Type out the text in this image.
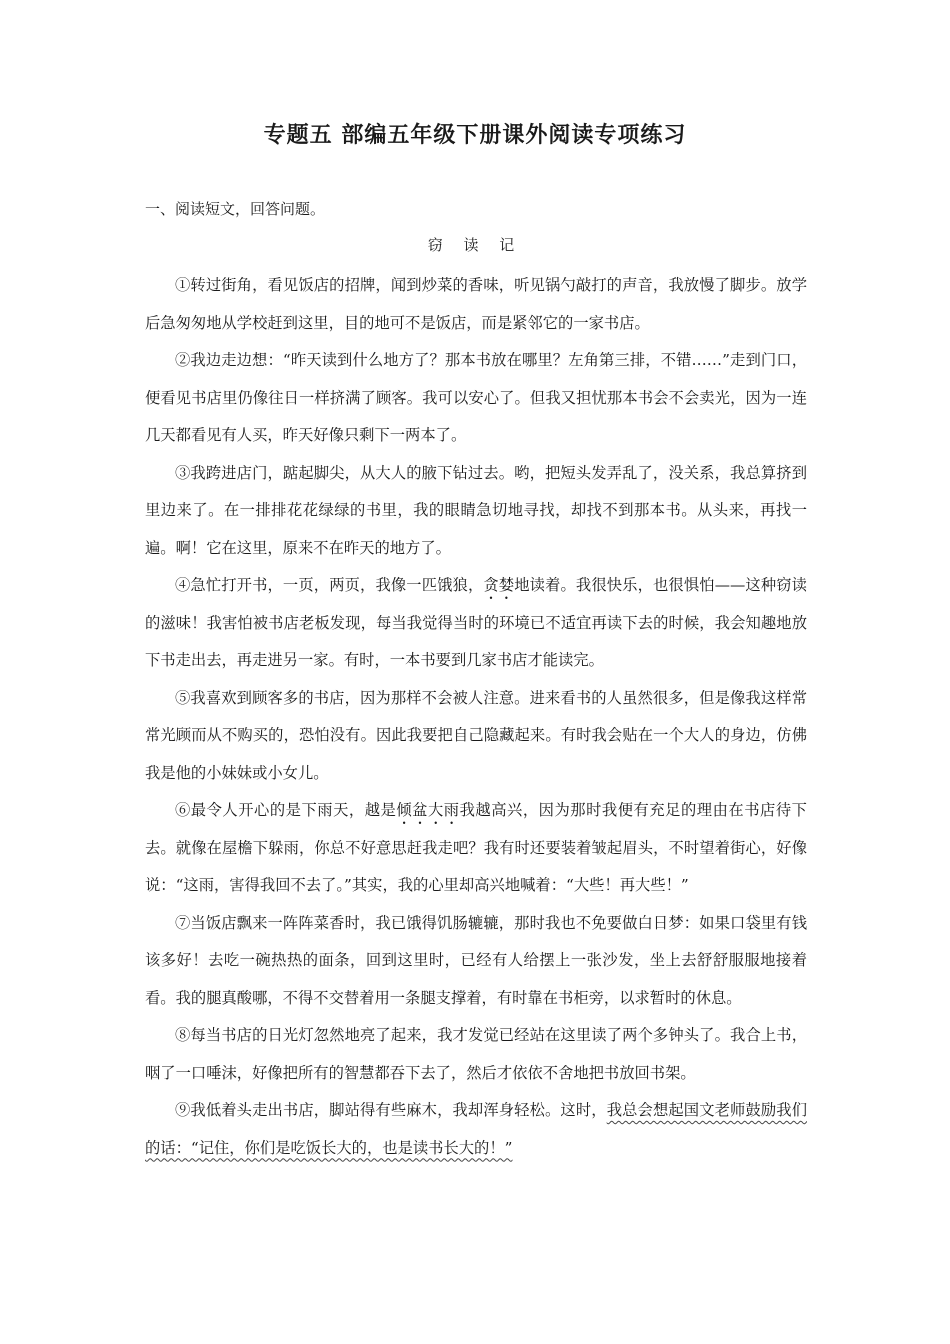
专题五 部编五年级下册课外阅读专项练习
一、阅读短文，回答问题。
窃 读 记

①转过街角，看见饭店的招牌，闻到炒菜的香味，听见锅勺敲打的声音，我放慢了脚步。放学后急匆匆地从学校赶到这里，目的地可不是饭店，而是紧邻它的一家书店。

②我边走边想：“昨天读到什么地方了？那本书放在哪里？左角第三排，不错……”走到门口，便看见书店里仍像往日一样挤满了顾客。我可以安心了。但我又担忧那本书会不会卖光，因为一连几天都看见有人买，昨天好像只剩下一两本了。

③我跨进店门，踮起脚尖，从大人的腋下钻过去。哟，把短头发弄乱了，没关系，我总算挤到里边来了。在一排排花花绿绿的书里，我的眼睛急切地寻找，却找不到那本书。从头来，再找一遍。啊！它在这里，原来不在昨天的地方了。

④急忙打开书，一页，两页，我像一匹饿狼，贪婪地读着。我很快乐，也很惧怕——这种窃读的滋味！我害怕被书店老板发现，每当我觉得当时的环境已不适宜再读下去的时候，我会知趣地放下书走出去，再走进另一家。有时，一本书要到几家书店才能读完。

⑤我喜欢到顾客多的书店，因为那样不会被人注意。进来看书的人虽然很多，但是像我这样常常光顾而从不购买的，恐怕没有。因此我要把自己隐藏起来。有时我会贴在一个大人的身边，仿佛我是他的小妹妹或小女儿。

⑥最令人开心的是下雨天，越是倾盆大雨我越高兴，因为那时我便有充足的理由在书店待下去。就像在屋檐下躲雨，你总不好意思赶我走吧？我有时还要装着皱起眉头，不时望着街心，好像说：“这雨，害得我回不去了。”其实，我的心里却高兴地喊着：“大些！再大些！”

⑦当饭店飘来一阵阵菜香时，我已饿得饥肠辘辘，那时我也不免要做白日梦：如果口袋里有钱该多好！去吃一碗热热的面条，回到这里时，已经有人给摆上一张沙发，坐上去舒舒服服地接着看。我的腿真酸哪，不得不交替着用一条腿支撑着，有时靠在书柜旁，以求暂时的休息。

⑧每当书店的日光灯忽然地亮了起来，我才发觉已经站在这里读了两个多钟头了。我合上书，咽了一口唾沫，好像把所有的智慧都吞下去了，然后才依依不舍地把书放回书架。

⑨我低着头走出书店，脚站得有些麻木，我却浑身轻松。这时，我总会想起国文老师鼓励我们的话：“记住，你们是吃饭长大的，也是读书长大的！”
